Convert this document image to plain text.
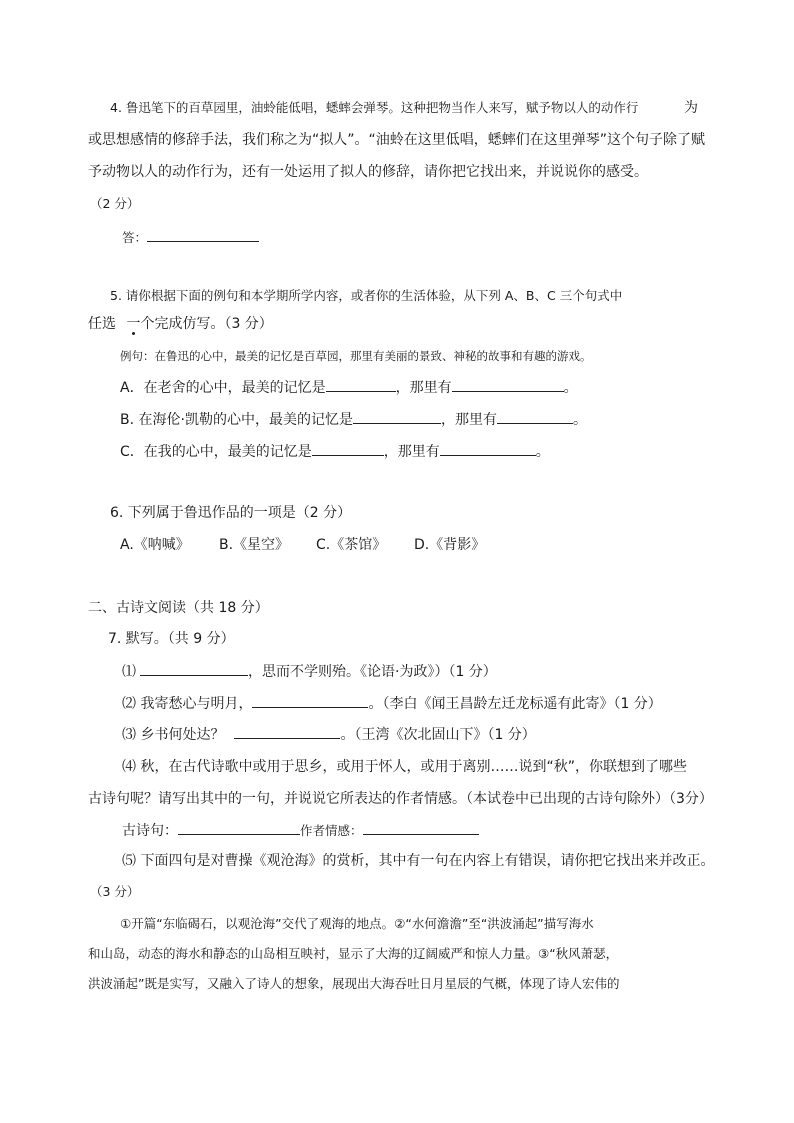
4. 鲁迅笔下的百草园里，油蛉能低唱，蟋蟀会弹琴。这种把物当作人来写，赋予物以人的动作行	为
或思想感情的修辞手法，我们称之为“拟人”。“油蛉在这里低唱，蟋蟀们在这里弹琴”这个句子除了赋
予动物以人的动作行为，还有一处运用了拟人的修辞，请你把它找出来，并说说你的感受。
（2 分）
答：
5. 请你根据下面的例句和本学期所学内容，或者你的生活体验，从下列 A、B、C 三个句式中
任选 一个完成仿写。（3 分）
例句：在鲁迅的心中，最美的记忆是百草园，那里有美丽的景致、神秘的故事和有趣的游戏。
A．在老舍的心中，最美的记忆是	，那里有	。
B. 在海伦·凯勒的心中，最美的记忆是	，那里有	。
C．在我的心中，最美的记忆是	，那里有	。
6. 下列属于鲁迅作品的一项是（2 分）
A.《呐喊》 B.《星空》 C.《茶馆》 D.《背影》
二、古诗文阅读（共 18 分）
7. 默写。（共 9 分）
⑴	，思而不学则殆。《论语·为政》）（1 分）
⑵ 我寄愁心与明月，	。（李白《闻王昌龄左迁龙标遥有此寄》（1 分）
⑶ 乡书何处达？	。（王湾《次北固山下》（1 分）
⑷ 秋，在古代诗歌中或用于思乡，或用于怀人，或用于离别……说到“秋”，你联想到了哪些
古诗句呢？请写出其中的一句，并说说它所表达的作者情感。（本试卷中已出现的古诗句除外）（3分）
古诗句：	作者情感：
⑸ 下面四句是对曹操《观沧海》的赏析，其中有一句在内容上有错误，请你把它找出来并改正。
（3 分）
①开篇“东临碣石，以观沧海”交代了观海的地点。②“水何澹澹”至“洪波涌起”描写海水
和山岛，动态的海水和静态的山岛相互映衬，显示了大海的辽阔威严和惊人力量。③“秋风萧瑟，
洪波涌起”既是实写，又融入了诗人的想象，展现出大海吞吐日月星辰的气概，体现了诗人宏伟的
